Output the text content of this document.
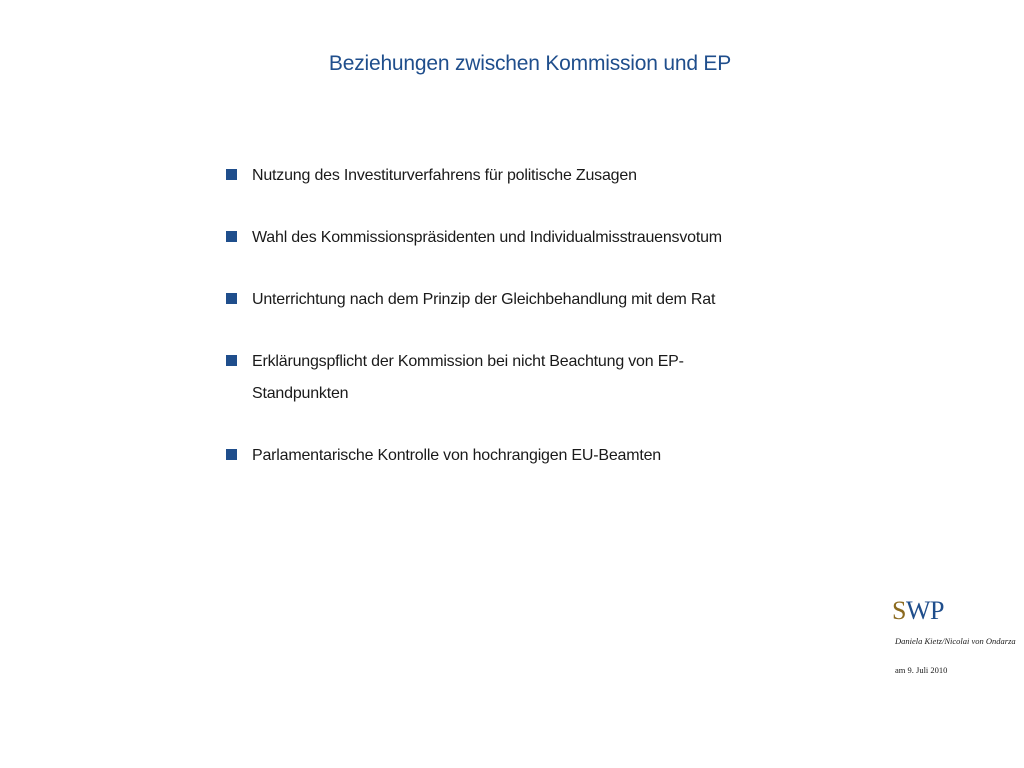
Beziehungen zwischen Kommission und EP
Nutzung des Investiturverfahrens für politische Zusagen
Wahl des Kommissionspräsidenten und Individualmisstrauensvotum
Unterrichtung nach dem Prinzip der Gleichbehandlung mit dem Rat
Erklärungspflicht der Kommission bei nicht Beachtung von EP-Standpunkten
Parlamentarische Kontrolle von hochrangigen EU-Beamten
SWP
Daniela Kietz/Nicolai von Ondarza
am 9. Juli 2010
